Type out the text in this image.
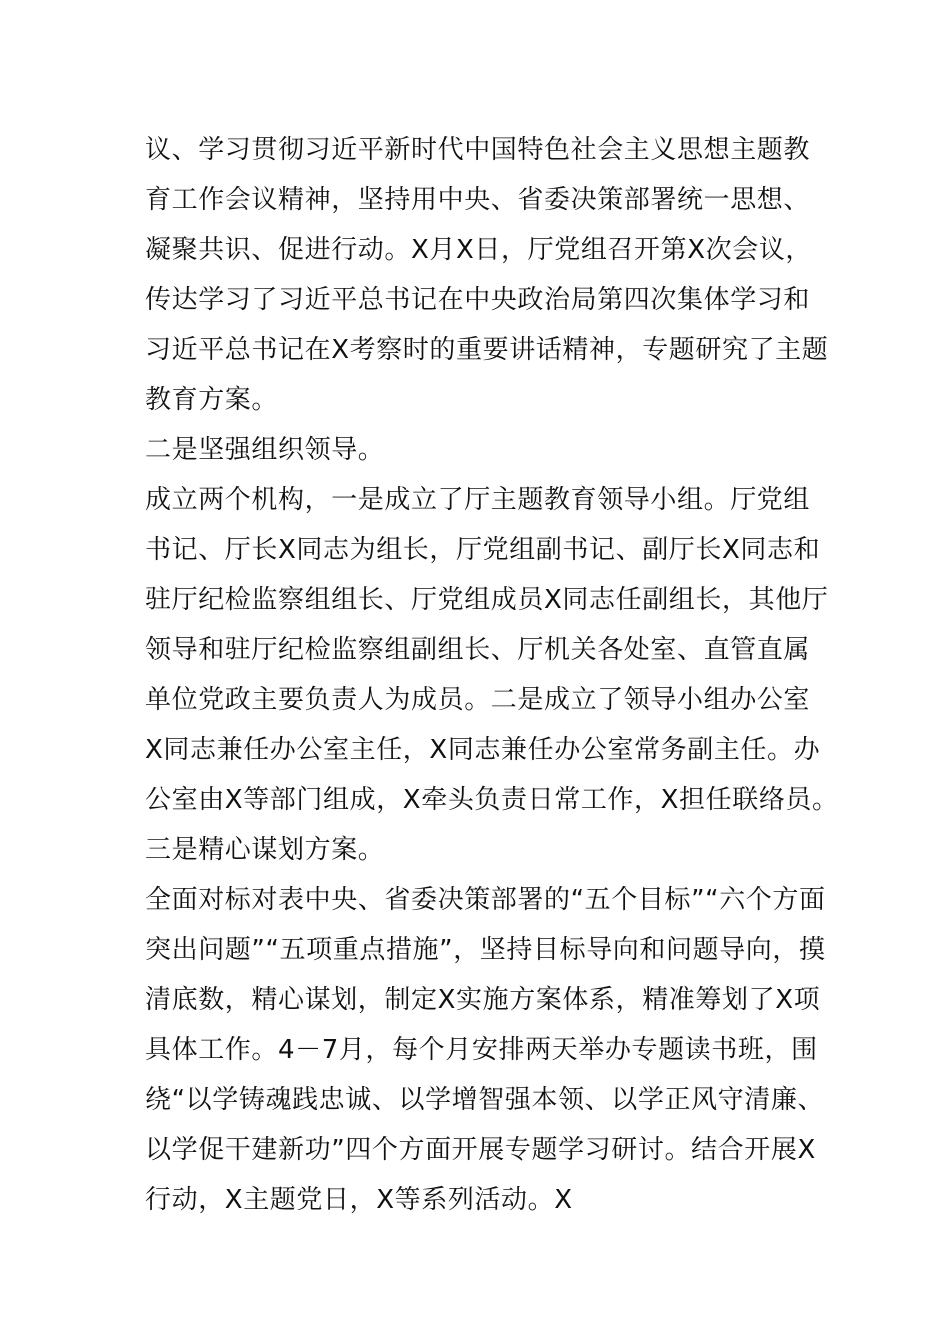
议、学习贯彻习近平新时代中国特色社会主义思想主题教
育工作会议精神，坚持用中央、省委决策部署统一思想、
凝聚共识、促进行动。X月X日，厅党组召开第X次会议，
传达学习了习近平总书记在中央政治局第四次集体学习和
习近平总书记在X考察时的重要讲话精神，专题研究了主题
教育方案。
二是坚强组织领导。
成立两个机构，一是成立了厅主题教育领导小组。厅党组
书记、厅长X同志为组长，厅党组副书记、副厅长X同志和
驻厅纪检监察组组长、厅党组成员X同志任副组长，其他厅
领导和驻厅纪检监察组副组长、厅机关各处室、直管直属
单位党政主要负责人为成员。二是成立了领导小组办公室
X同志兼任办公室主任，X同志兼任办公室常务副主任。办
公室由X等部门组成，X牵头负责日常工作，X担任联络员。
三是精心谋划方案。
全面对标对表中央、省委决策部署的“五个目标”“六个方面
突出问题”“五项重点措施”，坚持目标导向和问题导向，摸
清底数，精心谋划，制定X实施方案体系，精准筹划了X项
具体工作。4－7月，每个月安排两天举办专题读书班，围
绕“以学铸魂践忠诚、以学增智强本领、以学正风守清廉、
以学促干建新功”四个方面开展专题学习研讨。结合开展X
行动，X主题党日，X等系列活动。X
